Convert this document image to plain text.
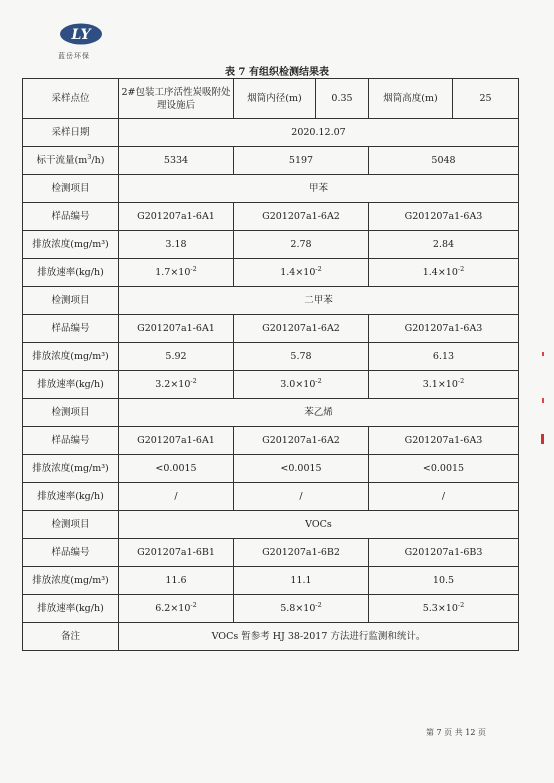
LY
蓝岳环保
表 7 有组织检测结果表
采样点位	2#包装工序活性炭吸附处理设施后	烟筒内径(m)	0.35	烟筒高度(m)	25
采样日期	2020.12.07				
标干流量$(m^3/h)$	5334	5197		5048	
检测项目	甲苯				
样品编号	G201207a1-6A1	G201207a1-6A2		G201207a1-6A3	
排放浓度(mg/m³)	3.18	2.78		2.84	
排放速率(kg/h)	$1.7\times 10^{-2}$	$1.4\times 10^{-2}$		$1.4\times 10^{-2}$
检测项目	二甲苯				
样品编号	G201207a1-6A1	G201207a1-6A2		G201207a1-6A3	
排放浓度(mg/m³)	5.92	5.78		6.13	
排放速率(kg/h)	$3.2\times 10^{-2}$	$3.0\times 10^{-2}$		$3.1\times 10^{-2}$
检测项目	苯乙烯				
样品编号	G201207a1-6A1	G201207a1-6A2		G201207a1-6A3	
排放浓度(mg/m³)	<0.0015	<0.0015		<0.0015	
排放速率(kg/h)	/	/		/	
检测项目	VOCs				
样品编号	G201207a1-6B1	G201207a1-6B2		G201207a1-6B3	
排放浓度(mg/m³)	11.6	11.1		10.5	
排放速率(kg/h)	$6.2\times 10^{-2}$	$5.8\times 10^{-2}$		$5.3\times 10^{-2}$
备注	VOCs 暂参考 HJ 38-2017 方法进行监测和统计。				
第 7 页 共 12 页
